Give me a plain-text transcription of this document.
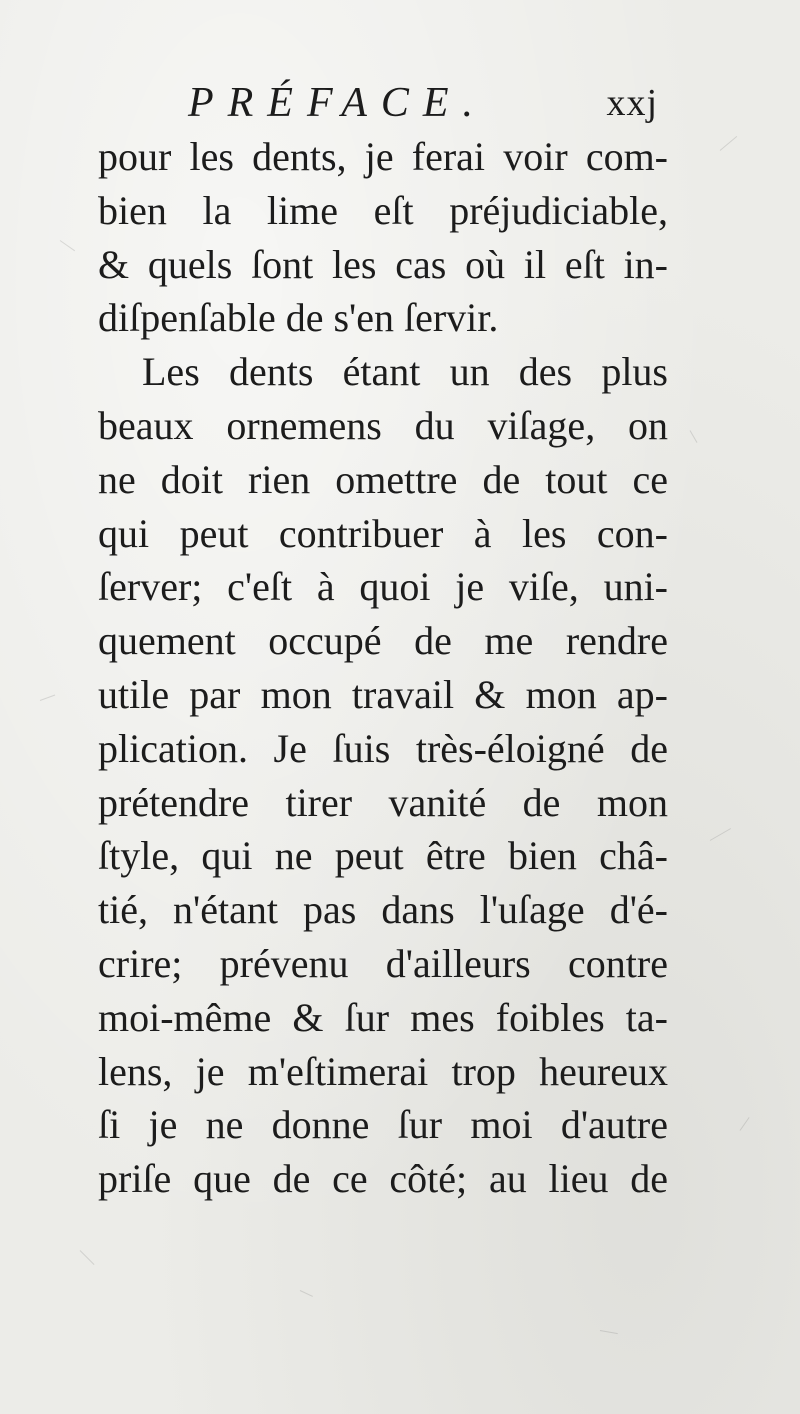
PRÉFACE.	xxj
pour les dents, je ferai voir com-
bien la lime eſt préjudiciable,
& quels ſont les cas où il eſt in-
diſpenſable de s'en ſervir.
Les dents étant un des plus
beaux ornemens du viſage, on
ne doit rien omettre de tout ce
qui peut contribuer à les con-
ſerver; c'eſt à quoi je viſe, uni-
quement occupé de me rendre
utile par mon travail & mon ap-
plication. Je ſuis très-éloigné de
prétendre tirer vanité de mon
ſtyle, qui ne peut être bien châ-
tié, n'étant pas dans l'uſage d'é-
crire; prévenu d'ailleurs contre
moi-même & ſur mes foibles ta-
lens, je m'eſtimerai trop heureux
ſi je ne donne ſur moi d'autre
priſe que de ce côté; au lieu de
